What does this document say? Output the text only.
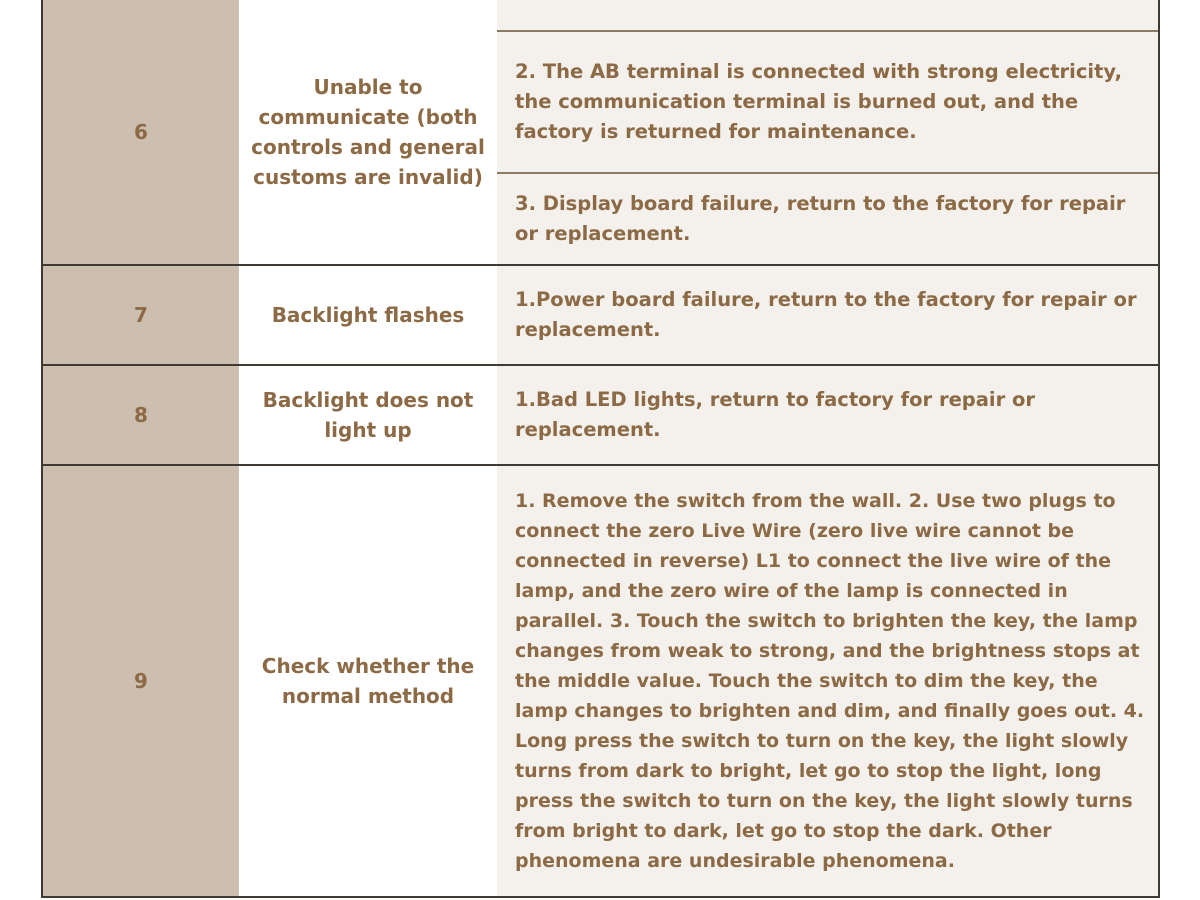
6
Unable to communicate (both controls and general customs are invalid)
2. The AB terminal is connected with strong electricity, the communication terminal is burned out, and the factory is returned for maintenance.
3. Display board failure, return to the factory for repair or replacement.
7	Backlight flashes
1.Power board failure, return to the factory for repair or replacement.
8
Backlight does not light up
1.Bad LED lights, return to factory for repair or replacement.
9
Check whether the normal method
1. Remove the switch from the wall. 2. Use two plugs to connect the zero Live Wire (zero live wire cannot be connected in reverse) L1 to connect the live wire of the lamp, and the zero wire of the lamp is connected in parallel. 3. Touch the switch to brighten the key, the lamp changes from weak to strong, and the brightness stops at the middle value. Touch the switch to dim the key, the lamp changes to brighten and dim, and finally goes out. 4. Long press the switch to turn on the key, the light slowly turns from dark to bright, let go to stop the light, long press the switch to turn on the key, the light slowly turns from bright to dark, let go to stop the dark. Other phenomena are undesirable phenomena.
